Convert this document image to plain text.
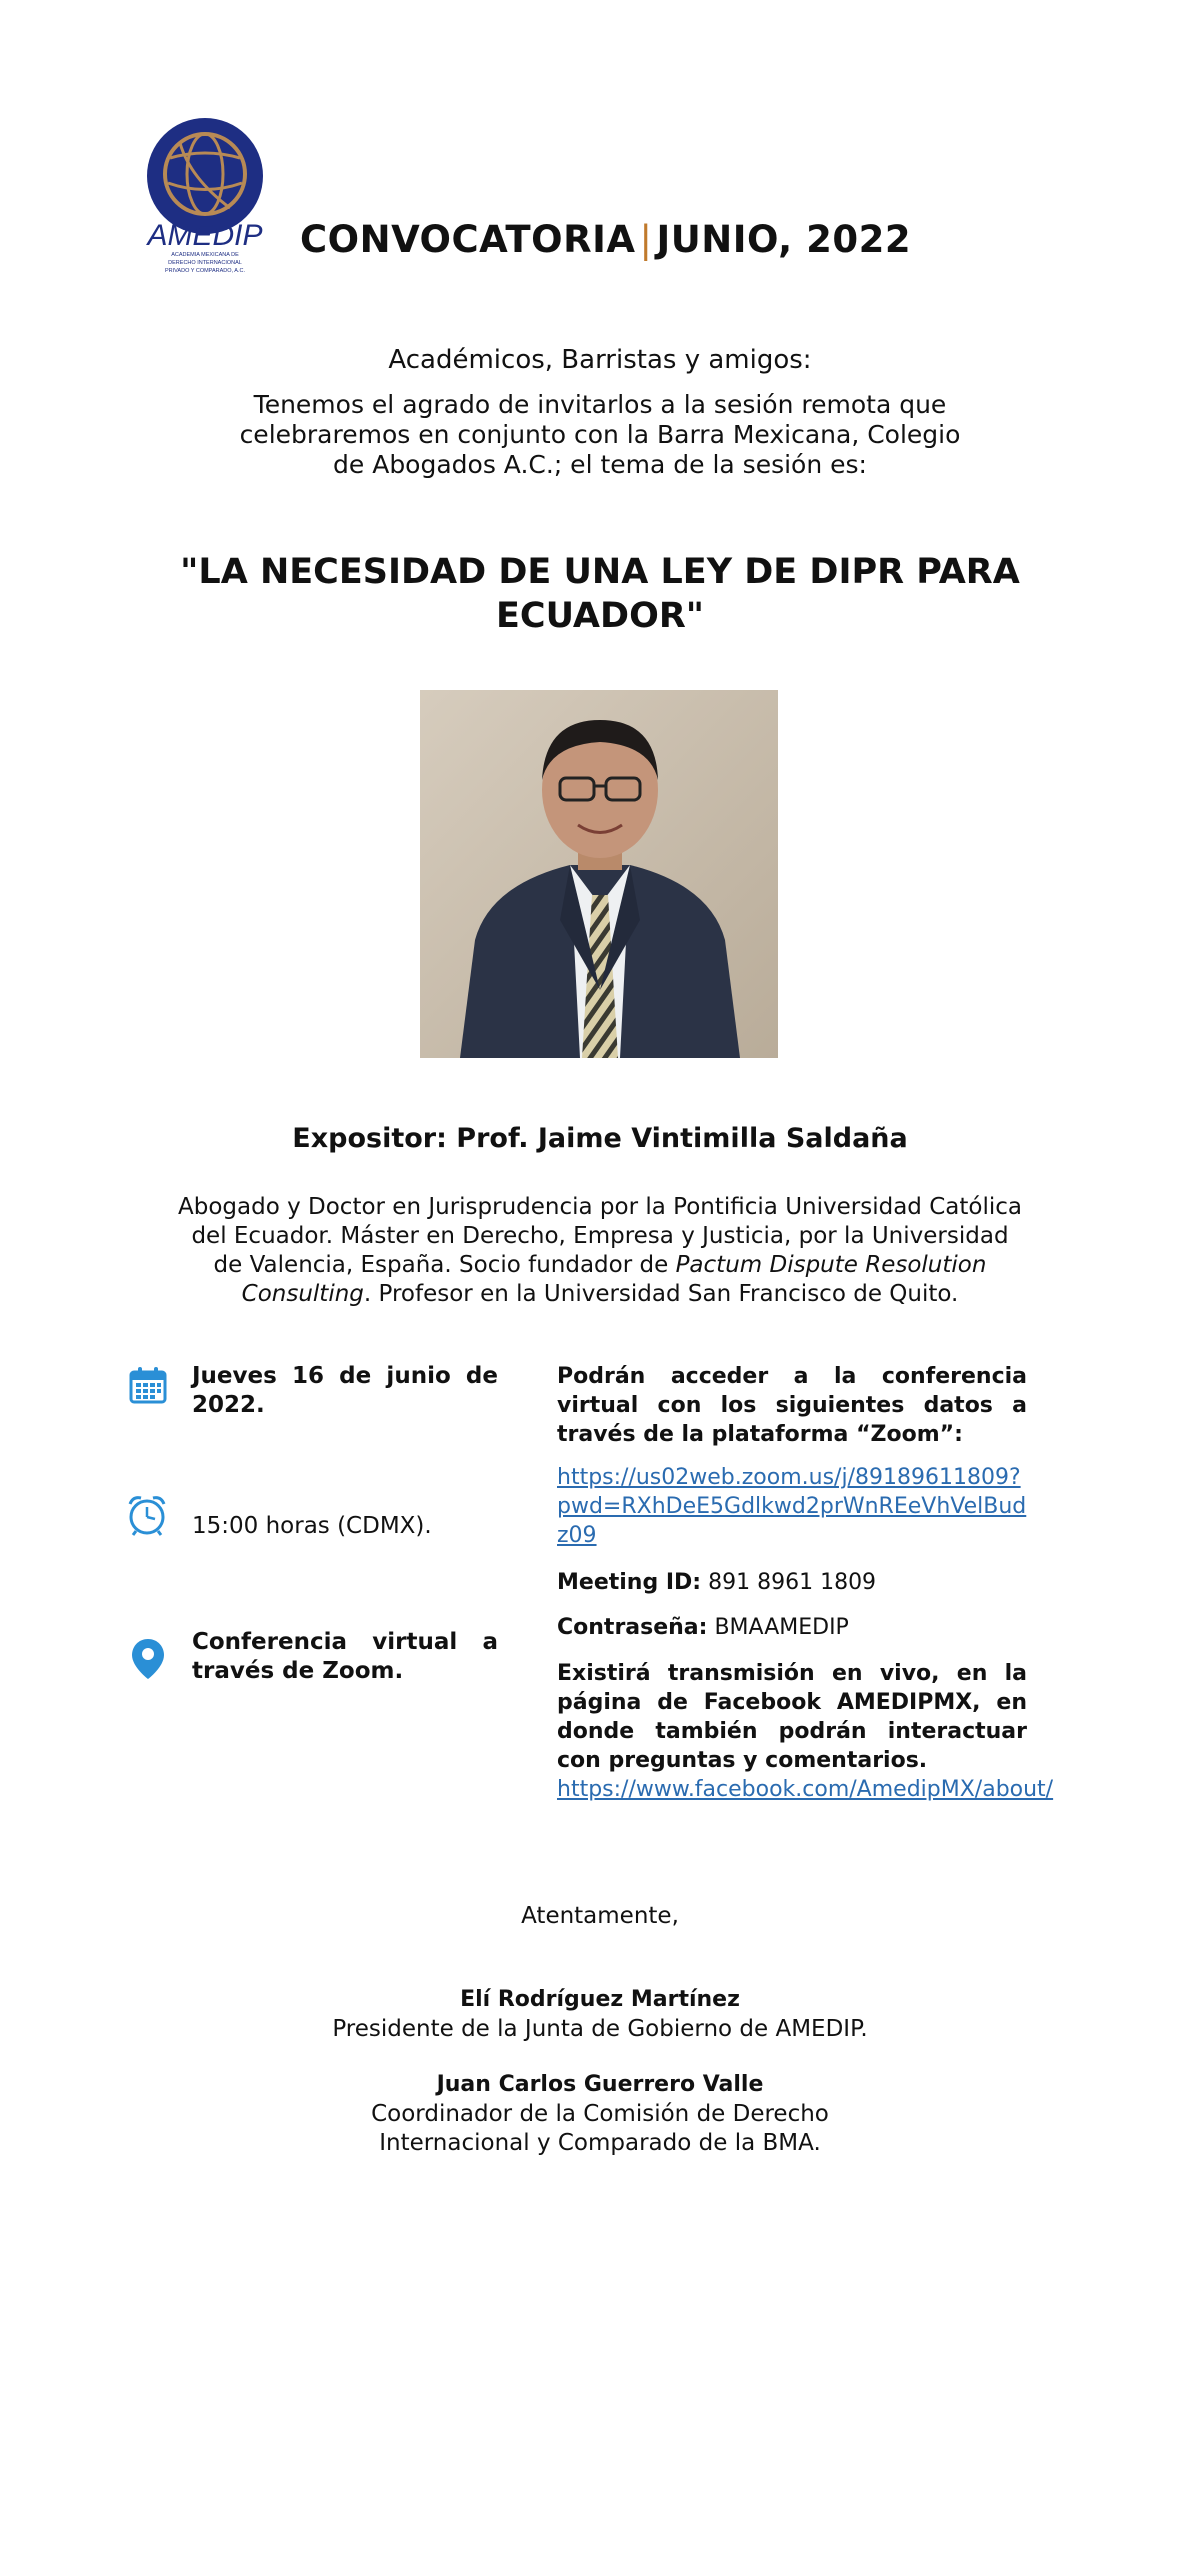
AMEDIP
ACADEMIA MEXICANA DE
DERECHO INTERNACIONAL
PRIVADO Y COMPARADO, A.C.
CONVOCATORIA | JUNIO, 2022
Académicos, Barristas y amigos:
Tenemos el agrado de invitarlos a la sesión remota que celebraremos en conjunto con la Barra Mexicana, Colegio de Abogados A.C.; el tema de la sesión es:
"LA NECESIDAD DE UNA LEY DE DIPR PARA ECUADOR"
Expositor: Prof. Jaime Vintimilla Saldaña
Abogado y Doctor en Jurisprudencia por la Pontificia Universidad Católica del Ecuador. Máster en Derecho, Empresa y Justicia, por la Universidad de Valencia, España. Socio fundador de Pactum Dispute Resolution Consulting. Profesor en la Universidad San Francisco de Quito.
Jueves 16 de junio de 2022.
15:00 horas (CDMX).
Conferencia virtual a través de Zoom.
Podrán acceder a la conferencia virtual con los siguientes datos a través de la plataforma “Zoom”:
https://us02web.zoom.us/j/89189611809?pwd=RXhDeE5Gdlkwd2prWnREeVhVelBudz09
Meeting ID: 891 8961 1809
Contraseña: BMAAMEDIP
Existirá transmisión en vivo, en la página de Facebook AMEDIPMX, en donde también podrán interactuar con preguntas y comentarios.
https://www.facebook.com/AmedipMX/about/
Atentamente,
Elí Rodríguez Martínez
Presidente de la Junta de Gobierno de AMEDIP.
Juan Carlos Guerrero Valle
Coordinador de la Comisión de Derecho Internacional y Comparado de la BMA.
